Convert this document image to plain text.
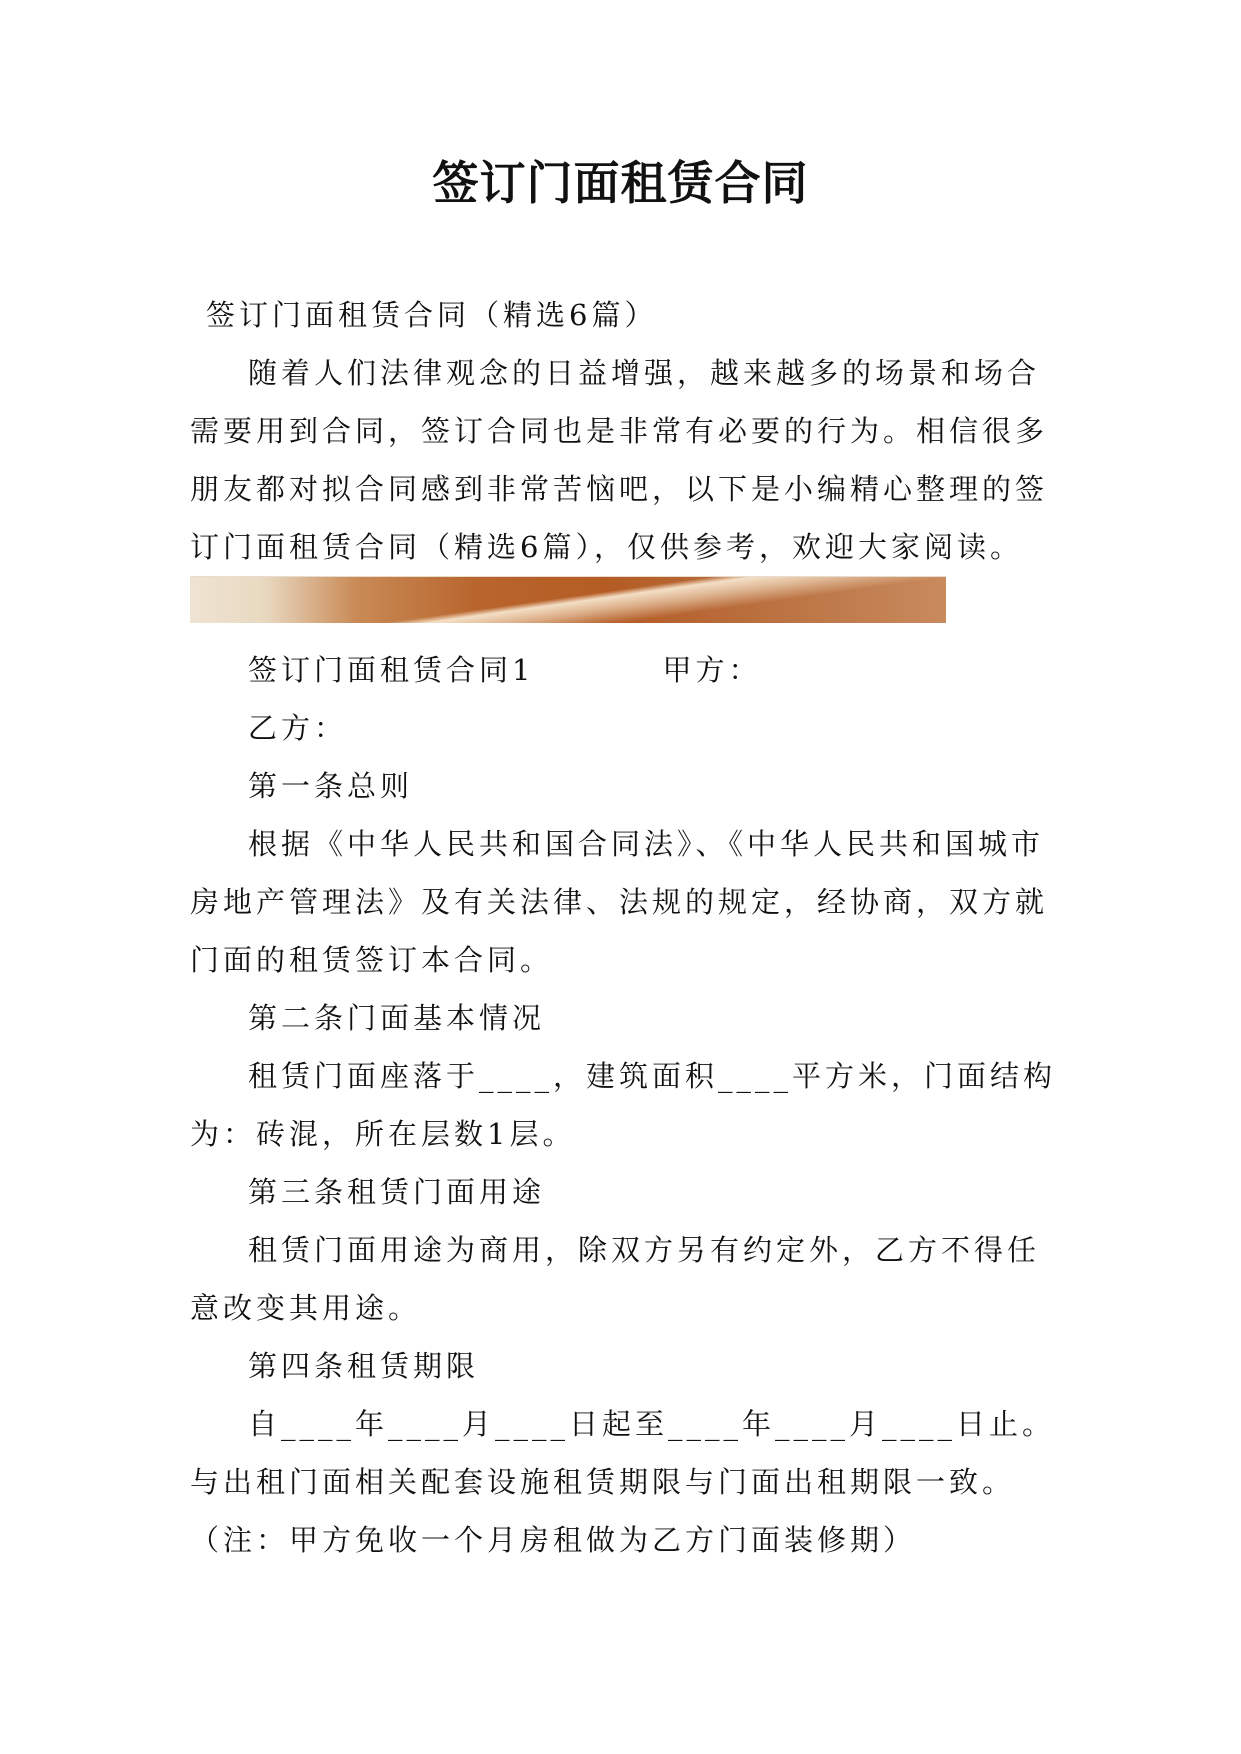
签订门面租赁合同

签订门面租赁合同（精选6篇）

随着人们法律观念的日益增强，越来越多的场景和场合需要用到合同，签订合同也是非常有必要的行为。相信很多朋友都对拟合同感到非常苦恼吧，以下是小编精心整理的签订门面租赁合同（精选6篇），仅供参考，欢迎大家阅读。

签订门面租赁合同1	甲方：

乙方：

第一条总则

根据《中华人民共和国合同法》、《中华人民共和国城市房地产管理法》及有关法律、法规的规定，经协商，双方就门面的租赁签订本合同。

第二条门面基本情况

租赁门面座落于____，建筑面积____平方米，门面结构为：砖混，所在层数1层。

第三条租赁门面用途

租赁门面用途为商用，除双方另有约定外，乙方不得任意改变其用途。

第四条租赁期限

自____年____月____日起至____年____月____日止。与出租门面相关配套设施租赁期限与门面出租期限一致。（注：甲方免收一个月房租做为乙方门面装修期）
